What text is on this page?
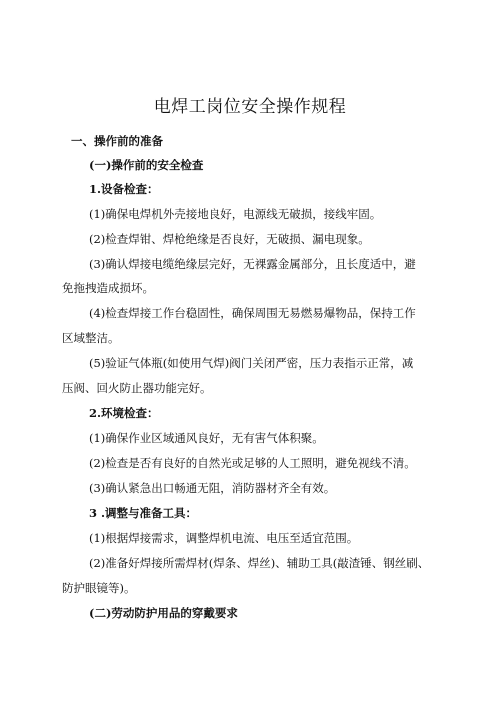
电焊工岗位安全操作规程
一、操作前的准备
(一)操作前的安全检查
1.设备检查：
(1)确保电焊机外壳接地良好，电源线无破损，接线牢固。
(2)检查焊钳、焊枪绝缘是否良好，无破损、漏电现象。
(3)确认焊接电缆绝缘层完好，无裸露金属部分，且长度适中，避
免拖拽造成损坏。
(4)检查焊接工作台稳固性，确保周围无易燃易爆物品，保持工作
区域整洁。
(5)验证气体瓶(如使用气焊)阀门关闭严密，压力表指示正常，减
压阀、回火防止器功能完好。
2.环境检查：
(1)确保作业区域通风良好，无有害气体积聚。
(2)检查是否有良好的自然光或足够的人工照明，避免视线不清。
(3)确认紧急出口畅通无阻，消防器材齐全有效。
3 .调整与准备工具：
(1)根据焊接需求，调整焊机电流、电压至适宜范围。
(2)准备好焊接所需焊材(焊条、焊丝)、辅助工具(敲渣锤、钢丝刷、
防护眼镜等)。
(二)劳动防护用品的穿戴要求
